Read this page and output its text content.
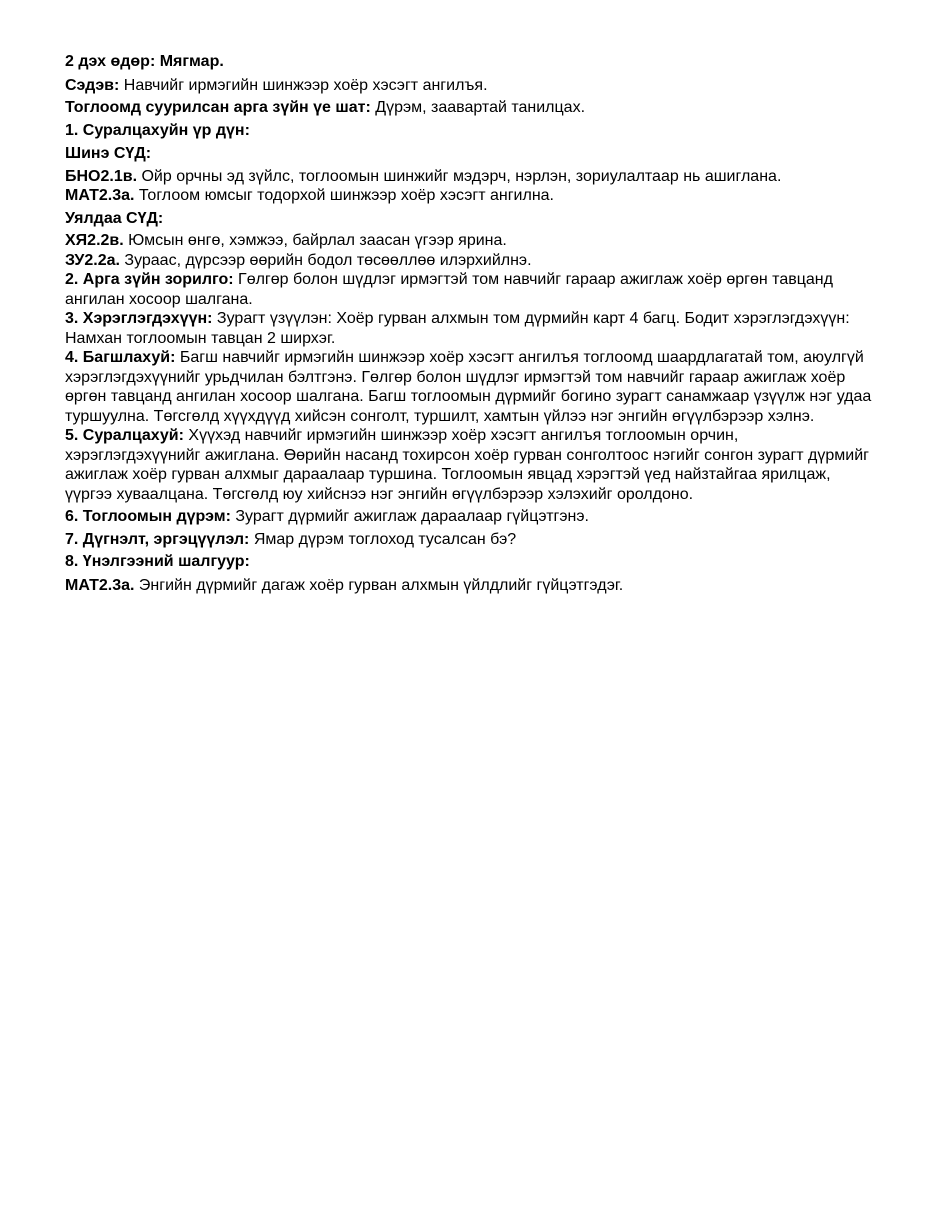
2 дэх өдөр: Мягмар.

Сэдэв: Навчийг ирмэгийн шинжээр хоёр хэсэгт ангилъя.

Тоглоомд суурилсан арга зүйн үе шат: Дүрэм, заавартай танилцах.

1. Суралцахуйн үр дүн:

Шинэ СҮД:

БНО2.1в. Ойр орчны эд зүйлс, тоглоомын шинжийг мэдэрч, нэрлэн, зориулалтаар нь ашиглана.

МАТ2.3а. Тоглоом юмсыг тодорхой шинжээр хоёр хэсэгт ангилна.

Уялдаа СҮД:

ХЯ2.2в. Юмсын өнгө, хэмжээ, байрлал заасан үгээр ярина.

ЗУ2.2а. Зураас, дүрсээр өөрийн бодол төсөөллөө илэрхийлнэ.

2. Арга зүйн зорилго: Гөлгөр болон шүдлэг ирмэгтэй том навчийг гараар ажиглаж хоёр өргөн тавцанд ангилан хосоор шалгана.

3. Хэрэглэгдэхүүн: Зурагт үзүүлэн: Хоёр гурван алхмын том дүрмийн карт 4 багц. Бодит хэрэглэгдэхүүн: Намхан тоглоомын тавцан 2 ширхэг.

4. Багшлахуй: Багш навчийг ирмэгийн шинжээр хоёр хэсэгт ангилъя тоглоомд шаардлагатай том, аюулгүй хэрэглэгдэхүүнийг урьдчилан бэлтгэнэ. Гөлгөр болон шүдлэг ирмэгтэй том навчийг гараар ажиглаж хоёр өргөн тавцанд ангилан хосоор шалгана. Багш тоглоомын дүрмийг богино зурагт санамжаар үзүүлж нэг удаа туршуулна. Төгсгөлд хүүхдүүд хийсэн сонголт, туршилт, хамтын үйлээ нэг энгийн өгүүлбэрээр хэлнэ.

5. Суралцахуй: Хүүхэд навчийг ирмэгийн шинжээр хоёр хэсэгт ангилъя тоглоомын орчин, хэрэглэгдэхүүнийг ажиглана. Өөрийн насанд тохирсон хоёр гурван сонголтоос нэгийг сонгон зурагт дүрмийг ажиглаж хоёр гурван алхмыг дараалаар туршина. Тоглоомын явцад хэрэгтэй үед найзтайгаа ярилцаж, үүргээ хуваалцана. Төгсгөлд юу хийснээ нэг энгийн өгүүлбэрээр хэлэхийг оролдоно.

6. Тоглоомын дүрэм: Зурагт дүрмийг ажиглаж дараалаар гүйцэтгэнэ.

7. Дүгнэлт, эргэцүүлэл: Ямар дүрэм тоглоход тусалсан бэ?

8. Үнэлгээний шалгуур:

МАТ2.3а. Энгийн дүрмийг дагаж хоёр гурван алхмын үйлдлийг гүйцэтгэдэг.
